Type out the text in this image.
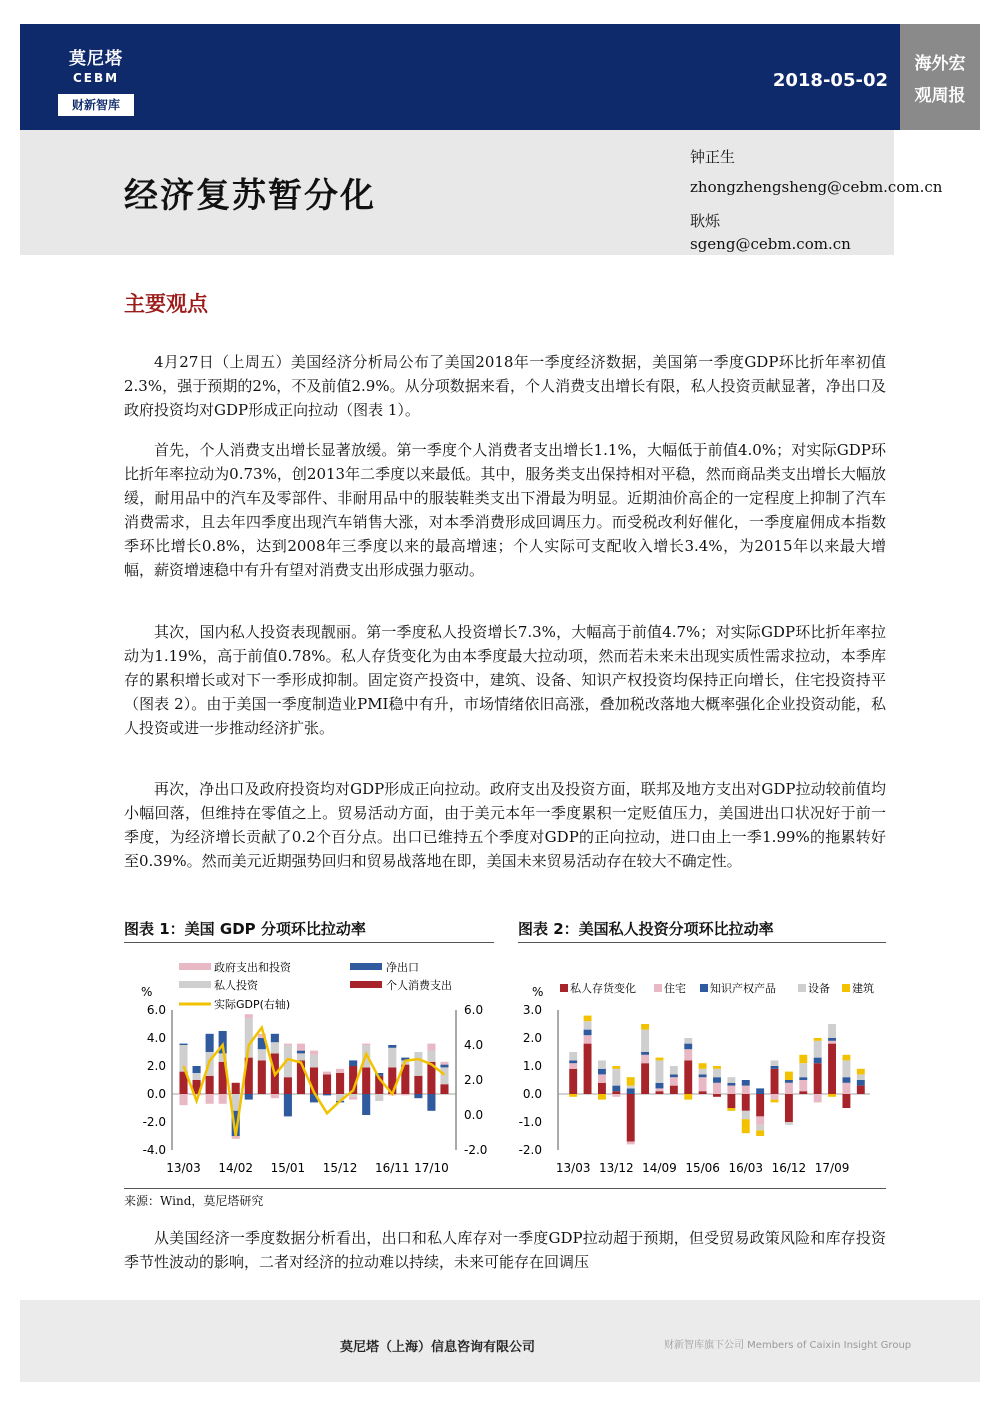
莫尼塔
CEBM
财新智库
2018-05-02
海外宏
观周报
经济复苏暂分化
钟正生
zhongzhengsheng@cebm.com.cn
耿烁
sgeng@cebm.com.cn
主要观点
4月27日（上周五）美国经济分析局公布了美国2018年一季度经济数据，美国第一季度GDP环比折年率初值2.3%，强于预期的2%，不及前值2.9%。从分项数据来看，个人消费支出增长有限，私人投资贡献显著，净出口及政府投资均对GDP形成正向拉动（图表 1）。
首先，个人消费支出增长显著放缓。第一季度个人消费者支出增长1.1%，大幅低于前值4.0%；对实际GDP环比折年率拉动为0.73%，创2013年二季度以来最低。其中，服务类支出保持相对平稳，然而商品类支出增长大幅放缓，耐用品中的汽车及零部件、非耐用品中的服装鞋类支出下滑最为明显。近期油价高企的一定程度上抑制了汽车消费需求，且去年四季度出现汽车销售大涨，对本季消费形成回调压力。而受税改利好催化，一季度雇佣成本指数季环比增长0.8%，达到2008年三季度以来的最高增速；个人实际可支配收入增长3.4%，为2015年以来最大增幅，薪资增速稳中有升有望对消费支出形成强力驱动。
其次，国内私人投资表现靓丽。第一季度私人投资增长7.3%，大幅高于前值4.7%；对实际GDP环比折年率拉动为1.19%，高于前值0.78%。私人存货变化为由本季度最大拉动项，然而若未来未出现实质性需求拉动，本季库存的累积增长或对下一季形成抑制。固定资产投资中，建筑、设备、知识产权投资均保持正向增长，住宅投资持平（图表 2）。由于美国一季度制造业PMI稳中有升，市场情绪依旧高涨，叠加税改落地大概率强化企业投资动能，私人投资或进一步推动经济扩张。
再次，净出口及政府投资均对GDP形成正向拉动。政府支出及投资方面，联邦及地方支出对GDP拉动较前值均小幅回落，但维持在零值之上。贸易活动方面，由于美元本年一季度累积一定贬值压力，美国进出口状况好于前一季度，为经济增长贡献了0.2个百分点。出口已维持五个季度对GDP的正向拉动，进口由上一季1.99%的拖累转好至0.39%。然而美元近期强势回归和贸易战落地在即，美国未来贸易活动存在较大不确定性。
图表 1：美国 GDP 分项环比拉动率	图表 2：美国私人投资分项环比拉动率
政府支出和投资	净出口
私人投资	个人消费支出
实际GDP(右轴)
%
6.0
4.0
2.0
0.0
-2.0
-4.0
6.0
4.0
2.0
0.0
-2.0
13/03 14/02 15/01 15/12 16/11 17/10
私人存货变化	住宅 知识产权产品	设备 建筑
%
3.0
2.0
1.0
0.0
-1.0
-2.0
13/03 13/12 14/09 15/06 16/03 16/12 17/09
来源：Wind，莫尼塔研究
从美国经济一季度数据分析看出，出口和私人库存对一季度GDP拉动超于预期，但受贸易政策风险和库存投资季节性波动的影响，二者对经济的拉动难以持续，未来可能存在回调压
莫尼塔（上海）信息咨询有限公司	财新智库旗下公司 Members of Caixin Insight Group
